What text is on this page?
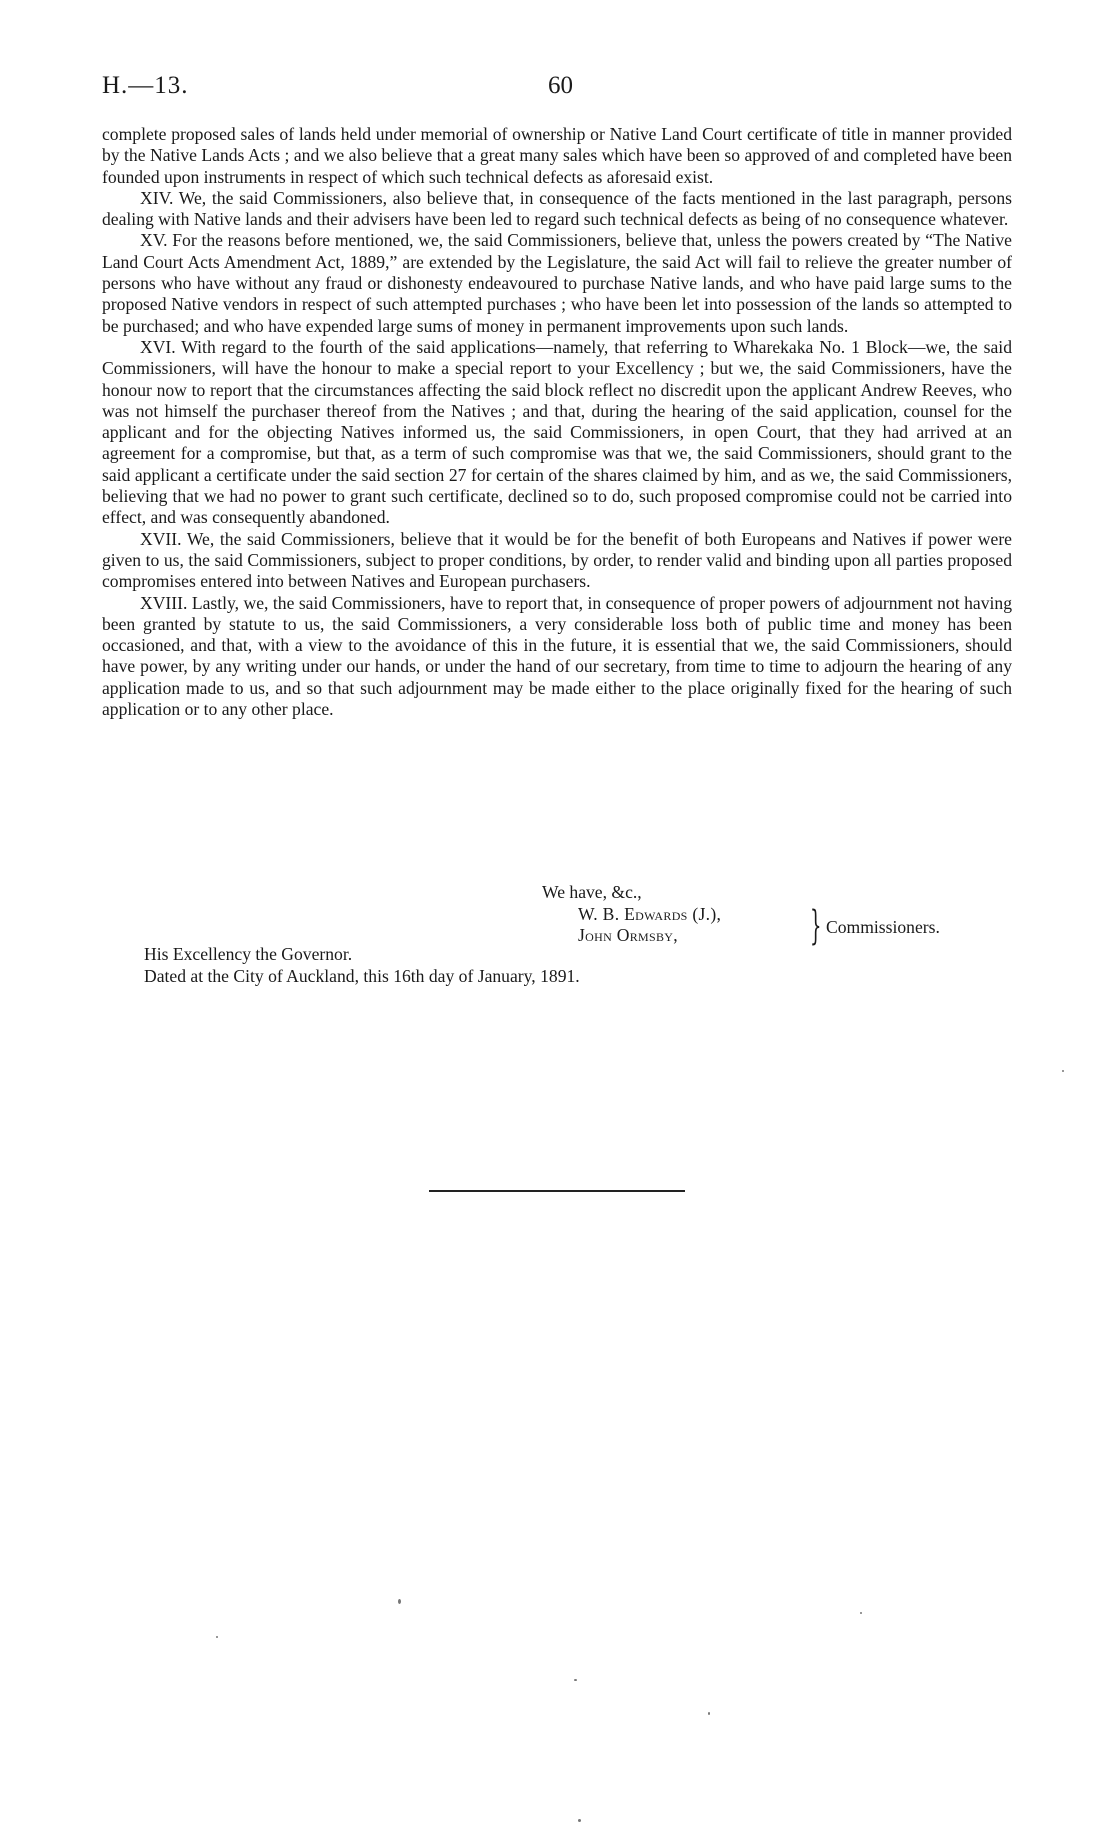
H.—13.	60

complete proposed sales of lands held under memorial of ownership or Native Land Court certificate of title in manner provided by the Native Lands Acts ; and we also believe that a great many sales which have been so approved of and completed have been founded upon instruments in respect of which such technical defects as aforesaid exist.

XIV. We, the said Commissioners, also believe that, in consequence of the facts mentioned in the last paragraph, persons dealing with Native lands and their advisers have been led to regard such technical defects as being of no consequence whatever.

XV. For the reasons before mentioned, we, the said Commissioners, believe that, unless the powers created by “The Native Land Court Acts Amendment Act, 1889,” are extended by the Legislature, the said Act will fail to relieve the greater number of persons who have without any fraud or dishonesty endeavoured to purchase Native lands, and who have paid large sums to the proposed Native vendors in respect of such attempted purchases ; who have been let into possession of the lands so attempted to be purchased; and who have expended large sums of money in permanent improvements upon such lands.

XVI. With regard to the fourth of the said applications—namely, that referring to Wharekaka No. 1 Block—we, the said Commissioners, will have the honour to make a special report to your Excellency ; but we, the said Commissioners, have the honour now to report that the circumstances affecting the said block reflect no discredit upon the applicant Andrew Reeves, who was not himself the purchaser thereof from the Natives ; and that, during the hearing of the said application, counsel for the applicant and for the objecting Natives informed us, the said Commissioners, in open Court, that they had arrived at an agreement for a compromise, but that, as a term of such compromise was that we, the said Commissioners, should grant to the said applicant a certificate under the said section 27 for certain of the shares claimed by him, and as we, the said Commissioners, believing that we had no power to grant such certificate, declined so to do, such proposed compromise could not be carried into effect, and was consequently abandoned.

XVII. We, the said Commissioners, believe that it would be for the benefit of both Europeans and Natives if power were given to us, the said Commissioners, subject to proper conditions, by order, to render valid and binding upon all parties proposed compromises entered into between Natives and European purchasers.

XVIII. Lastly, we, the said Commissioners, have to report that, in consequence of proper powers of adjournment not having been granted by statute to us, the said Commissioners, a very considerable loss both of public time and money has been occasioned, and that, with a view to the avoidance of this in the future, it is essential that we, the said Commissioners, should have power, by any writing under our hands, or under the hand of our secretary, from time to time to adjourn the hearing of any application made to us, and so that such adjournment may be made either to the place originally fixed for the hearing of such application or to any other place.

We have, &c.,
W. B. Edwards (J.),
John Ormsby,	} Commissioners.
His Excellency the Governor.
Dated at the City of Auckland, this 16th day of January, 1891.
